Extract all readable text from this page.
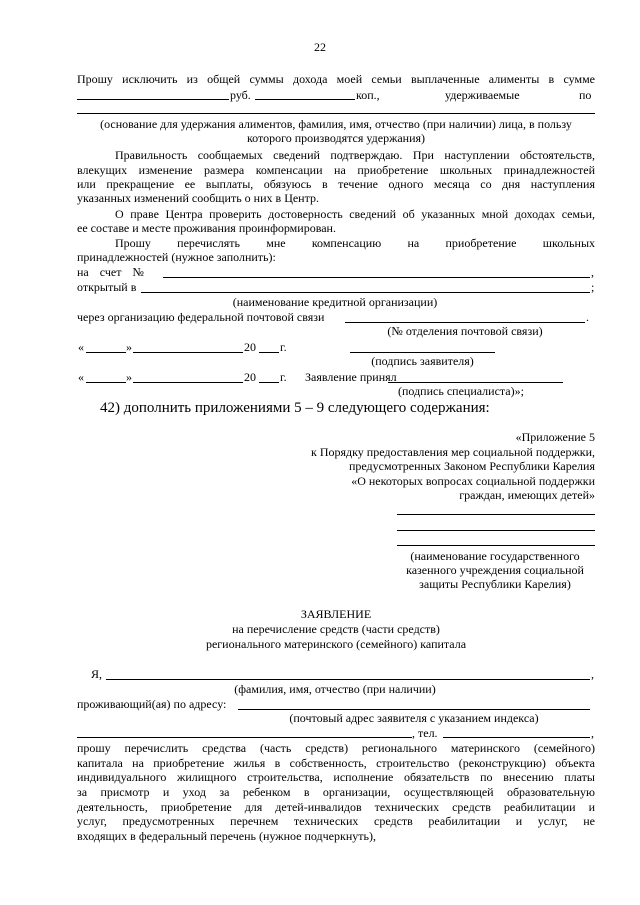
22
Прошу исключить из общей суммы дохода моей семьи выплаченные алименты в сумме
руб.	коп.,	удерживаемые	по
(основание для удержания алиментов, фамилия, имя, отчество (при наличии) лица, в пользу
которого производятся удержания)
Правильность сообщаемых сведений подтверждаю. При наступлении обстоятельств,
влекущих изменение размера компенсации на приобретение школьных принадлежностей
или прекращение ее выплаты, обязуюсь в течение одного месяца со дня наступления
указанных изменений сообщить о них в Центр.
О праве Центра проверить достоверность сведений об указанных мной доходах семьи,
ее составе и месте проживания проинформирован.
Прошу перечислять мне компенсацию на приобретение школьных
принадлежностей (нужное заполнить):
на счет №	,
открытый в	;
(наименование кредитной организации)
через организацию федеральной почтовой связи	.
(№ отделения почтовой связи)
«	»	20 г.
(подпись заявителя)
«	»	20 г. Заявление принял
(подпись специалиста)»;
42) дополнить приложениями 5 – 9 следующего содержания:
«Приложение 5
к Порядку предоставления мер социальной поддержки,
предусмотренных Законом Республики Карелия
«О некоторых вопросах социальной поддержки
граждан, имеющих детей»
(наименование государственного
казенного учреждения социальной
защиты Республики Карелия)
ЗАЯВЛЕНИЕ
на перечисление средств (части средств)
регионального материнского (семейного) капитала
Я,	,
(фамилия, имя, отчество (при наличии)
проживающий(ая) по адресу:
(почтовый адрес заявителя с указанием индекса)
, тел.	,
прошу перечислить средства (часть средств) регионального материнского (семейного)
капитала на приобретение жилья в собственность, строительство (реконструкцию) объекта
индивидуального жилищного строительства, исполнение обязательств по внесению платы
за присмотр и уход за ребенком в организации, осуществляющей образовательную
деятельность, приобретение для детей-инвалидов технических средств реабилитации и
услуг, предусмотренных перечнем технических средств реабилитации и услуг, не
входящих в федеральный перечень (нужное подчеркнуть),
